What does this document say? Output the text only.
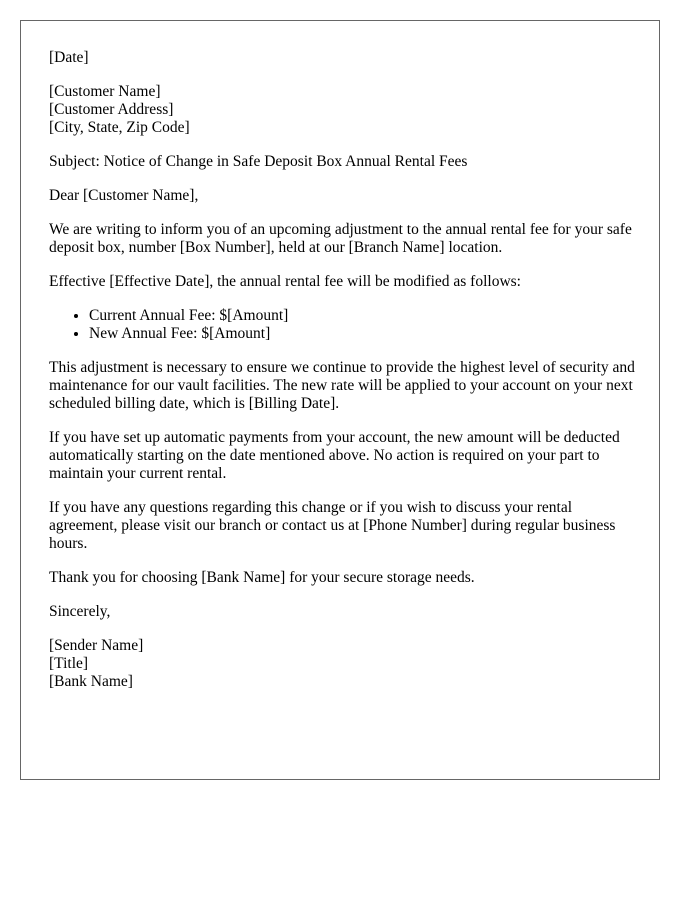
[Date]

[Customer Name]
[Customer Address]
[City, State, Zip Code]

Subject: Notice of Change in Safe Deposit Box Annual Rental Fees

Dear [Customer Name],

We are writing to inform you of an upcoming adjustment to the annual rental fee for your safe deposit box, number [Box Number], held at our [Branch Name] location.

Effective [Effective Date], the annual rental fee will be modified as follows:

• Current Annual Fee: $[Amount]
• New Annual Fee: $[Amount]

This adjustment is necessary to ensure we continue to provide the highest level of security and maintenance for our vault facilities. The new rate will be applied to your account on your next scheduled billing date, which is [Billing Date].

If you have set up automatic payments from your account, the new amount will be deducted automatically starting on the date mentioned above. No action is required on your part to maintain your current rental.

If you have any questions regarding this change or if you wish to discuss your rental agreement, please visit our branch or contact us at [Phone Number] during regular business hours.

Thank you for choosing [Bank Name] for your secure storage needs.

Sincerely,

[Sender Name]
[Title]
[Bank Name]
